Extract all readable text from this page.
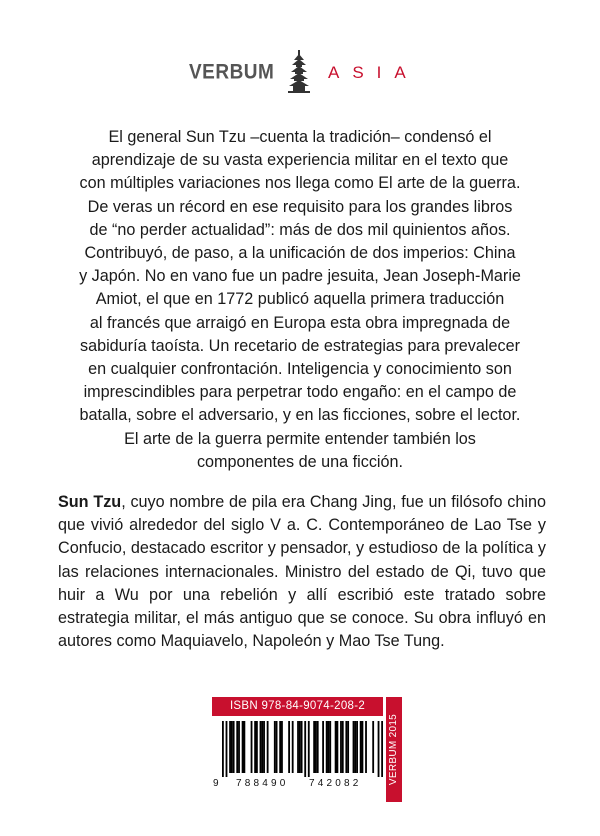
VERBUM	ASIA

El general Sun Tzu –cuenta la tradición– condensó el

aprendizaje de su vasta experiencia militar en el texto que

con múltiples variaciones nos llega como El arte de la guerra.

De veras un récord en ese requisito para los grandes libros

de “no perder actualidad”: más de dos mil quinientos años.

Contribuyó, de paso, a la unificación de dos imperios: China

y Japón. No en vano fue un padre jesuita, Jean Joseph-Marie

Amiot, el que en 1772 publicó aquella primera traducción

al francés que arraigó en Europa esta obra impregnada de

sabiduría taoísta. Un recetario de estrategias para prevalecer

en cualquier confrontación. Inteligencia y conocimiento son

imprescindibles para perpetrar todo engaño: en el campo de

batalla, sobre el adversario, y en las ficciones, sobre el lector.

El arte de la guerra permite entender también los

componentes de una ficción.

Sun Tzu, cuyo nombre de pila era Chang Jing, fue un filósofo chino que vivió alrededor del siglo V a. C. Contemporáneo de Lao Tse y Confucio, destacado escritor y pensador, y estudioso de la política y las relaciones internacionales. Ministro del estado de Qi, tuvo que huir a Wu por una rebelión y allí escribió este tratado sobre estrategia militar, el más antiguo que se conoce. Su obra influyó en autores como Maquiavelo, Napoleón y Mao Tse Tung.
ISBN 978-84-9074-208-2
9 788490 742082	VERBUM 2015
